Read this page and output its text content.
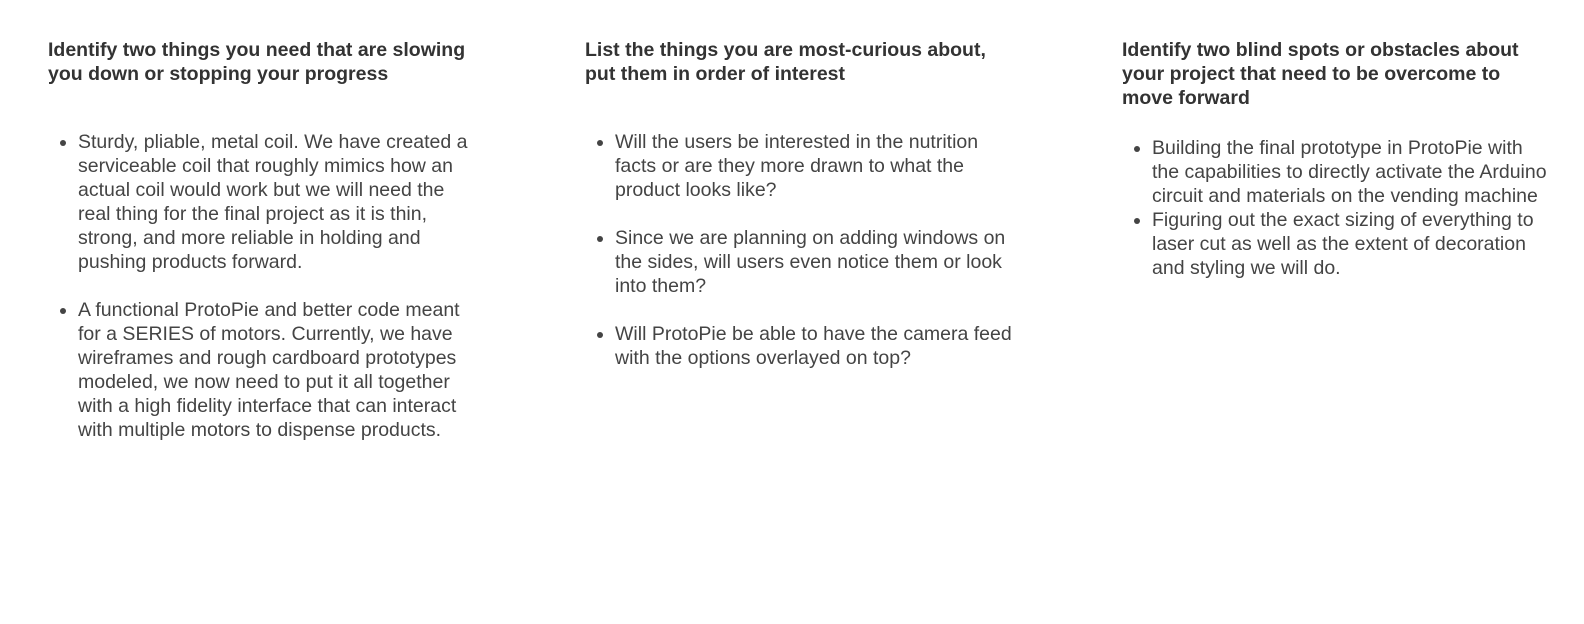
Identify two things you need that are slowing you down or stopping your progress
Sturdy, pliable, metal coil. We have created a serviceable coil that roughly mimics how an actual coil would work but we will need the real thing for the final project as it is thin, strong, and more reliable in holding and pushing products forward.
A functional ProtoPie and better code meant for a SERIES of motors. Currently, we have wireframes and rough cardboard prototypes modeled, we now need to put it all together with a high fidelity interface that can interact with multiple motors to dispense products.
List the things you are most-curious about, put them in order of interest
Will the users be interested in the nutrition facts or are they more drawn to what the product looks like?
Since we are planning on adding windows on the sides, will users even notice them or look into them?
Will ProtoPie be able to have the camera feed with the options overlayed on top?
Identify two blind spots or obstacles about your project that need to be overcome to move forward
Building the final prototype in ProtoPie with the capabilities to directly activate the Arduino circuit and materials on the vending machine
Figuring out the exact sizing of everything to laser cut as well as the extent of decoration and styling we will do.
